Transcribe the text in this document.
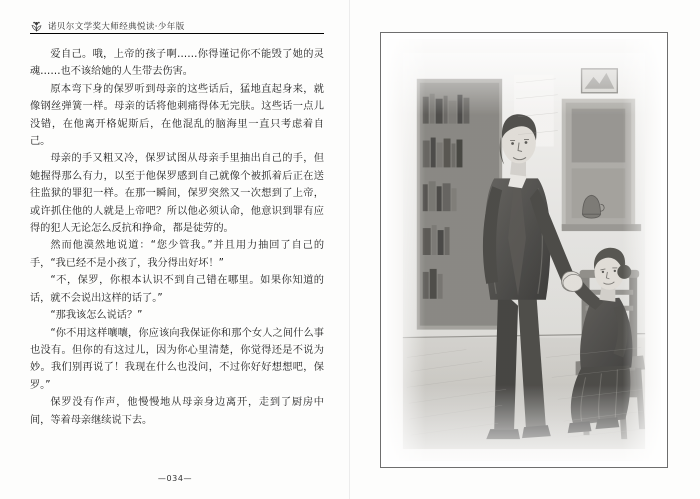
诺贝尔文学奖大师经典悦读·少年版

爱自己。哦，上帝的孩子啊……你得谨记你不能毁了她的灵魂……也不该给她的人生带去伤害。

原本弯下身的保罗听到母亲的这些话后，猛地直起身来，就像钢丝弹簧一样。母亲的话将他刺痛得体无完肤。这些话一点儿没错，在他离开格妮斯后，在他混乱的脑海里一直只考虑着自己。

母亲的手又粗又冷，保罗试图从母亲手里抽出自己的手，但她握得那么有力，以至于他保罗感到自己就像个被抓着后正在送往监狱的罪犯一样。在那一瞬间，保罗突然又一次想到了上帝，或许抓住他的人就是上帝吧？所以他必须认命，他意识到罪有应得的犯人无论怎么反抗和挣命，都是徒劳的。

然而他漠然地说道：“您少管我。”并且用力抽回了自己的手，“我已经不是小孩了，我分得出好坏！”

“不，保罗，你根本认识不到自己错在哪里。如果你知道的话，就不会说出这样的话了。”

“那我该怎么说话？”

“你不用这样嚷嚷，你应该向我保证你和那个女人之间什么事也没有。但你的有这过儿，因为你心里清楚，你觉得还是不说为妙。我们别再说了！我现在什么也没问，不过你好好想想吧，保罗。”

保罗没有作声，他慢慢地从母亲身边离开，走到了厨房中间，等着母亲继续说下去。

—034—
